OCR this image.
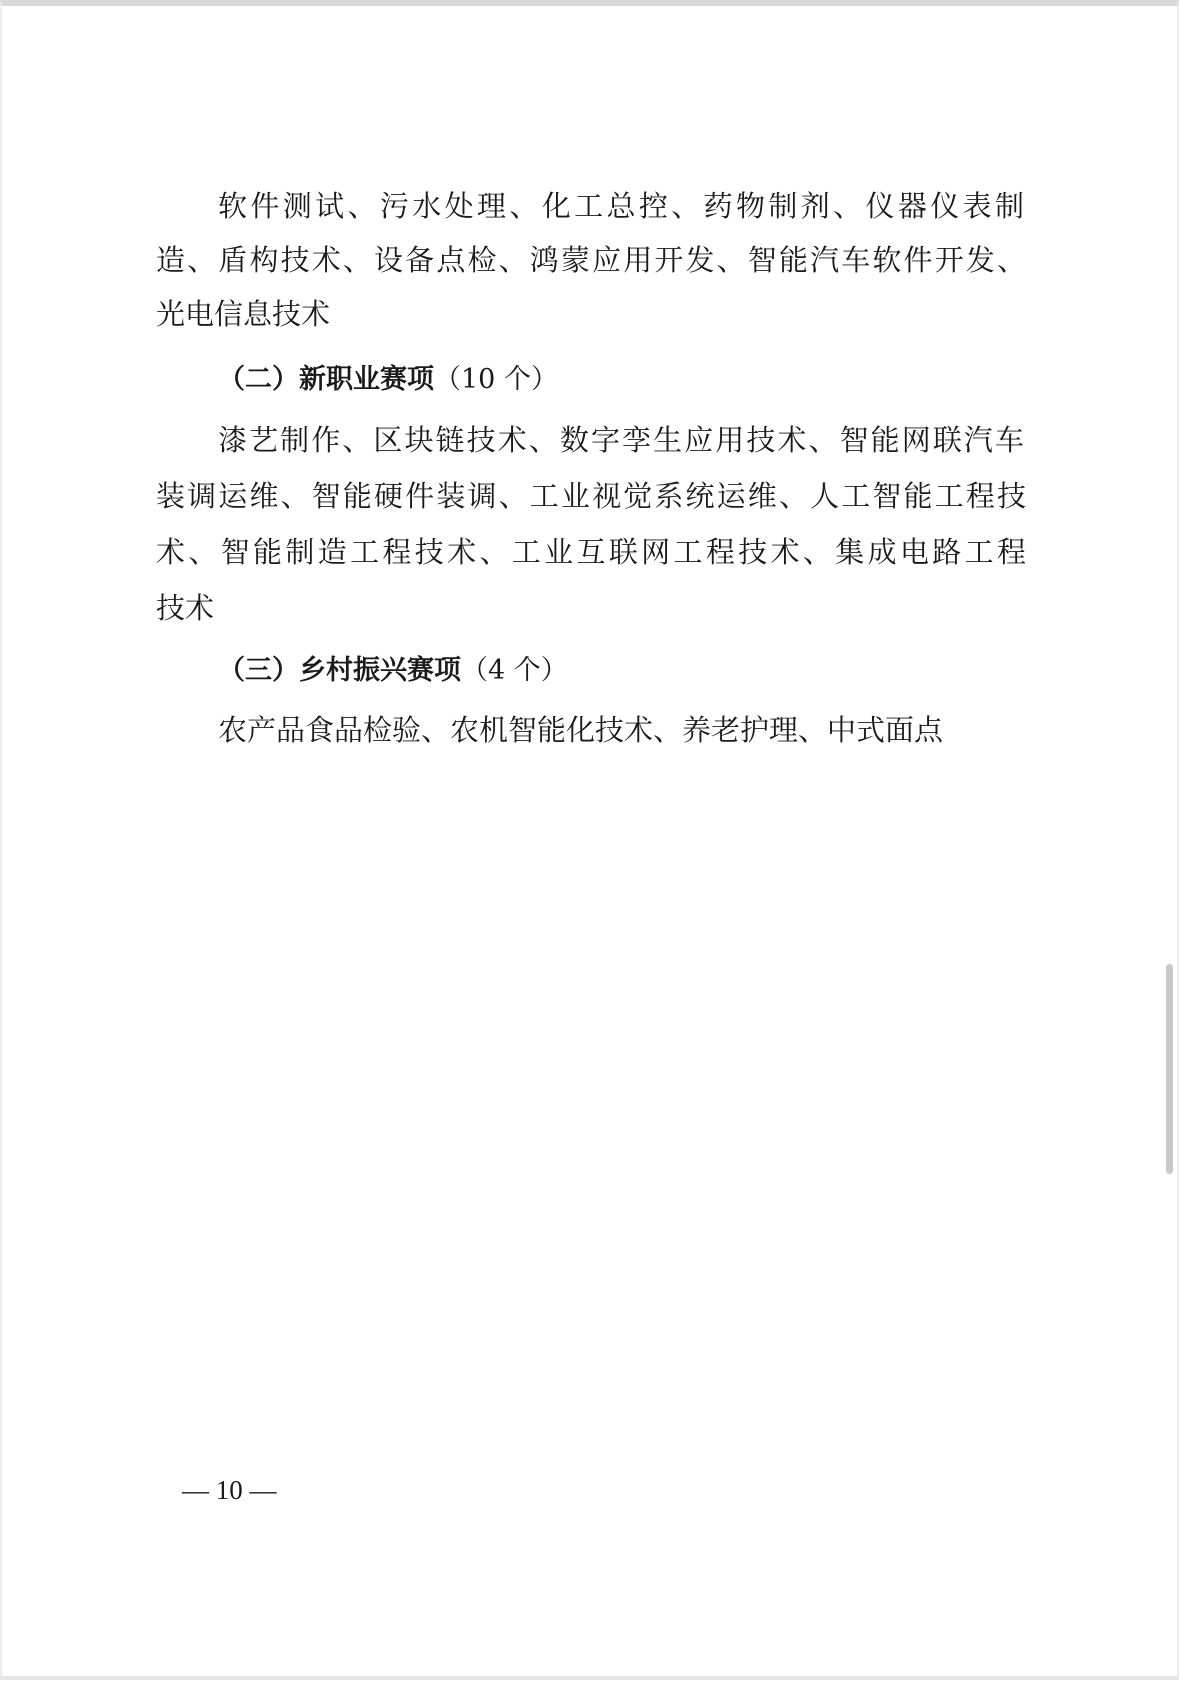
软件测试、污水处理、化工总控、药物制剂、仪器仪表制
造、盾构技术、设备点检、鸿蒙应用开发、智能汽车软件开发、
光电信息技术
（二）新职业赛项（10 个）
漆艺制作、区块链技术、数字孪生应用技术、智能网联汽车
装调运维、智能硬件装调、工业视觉系统运维、人工智能工程技
术、智能制造工程技术、工业互联网工程技术、集成电路工程
技术
（三）乡村振兴赛项（4 个）
农产品食品检验、农机智能化技术、养老护理、中式面点
— 10 —
